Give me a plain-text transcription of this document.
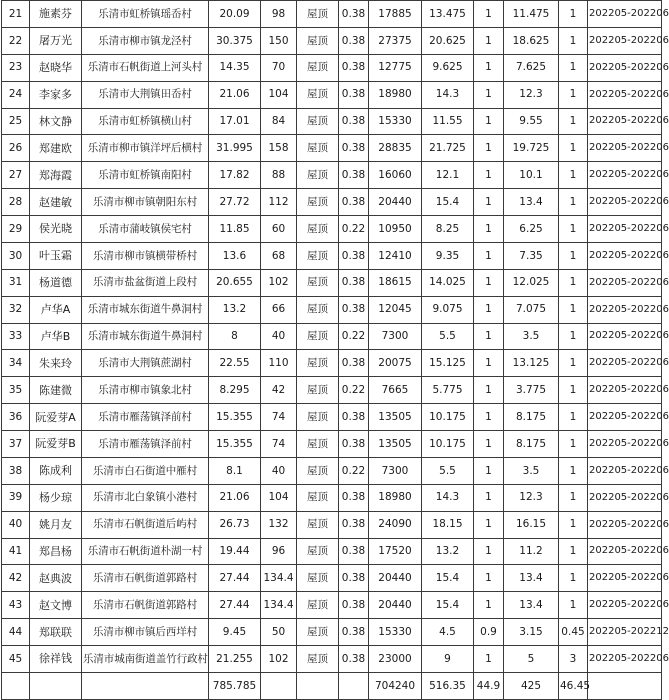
21	施素芬	乐清市虹桥镇瑶岙村	20.09	98	屋顶	0.38	17885	13.475	1	11.475	1	202205-202206
22	屠万光	乐清市柳市镇龙泾村	30.375	150	屋顶	0.38	27375	20.625	1	18.625	1	202205-202206
23	赵晓华	乐清市石帆街道上河头村	14.35	70	屋顶	0.38	12775	9.625	1	7.625	1	202205-202206
24	李家多	乐清市大荆镇田岙村	21.06	104	屋顶	0.38	18980	14.3	1	12.3	1	202205-202206
25	林文静	乐清市虹桥镇横山村	17.01	84	屋顶	0.38	15330	11.55	1	9.55	1	202205-202206
26	郑建欧	乐清市柳市镇洋坪后横村	31.995	158	屋顶	0.38	28835	21.725	1	19.725	1	202205-202206
27	郑海霞	乐清市虹桥镇南阳村	17.82	88	屋顶	0.38	16060	12.1	1	10.1	1	202205-202206
28	赵建敏	乐清市柳市镇朝阳东村	27.72	112	屋顶	0.38	20440	15.4	1	13.4	1	202205-202206
29	侯光晓	乐清市蒲岐镇侯宅村	11.85	60	屋顶	0.22	10950	8.25	1	6.25	1	202205-202206
30	叶玉霜	乐清市柳市镇横带桥村	13.6	68	屋顶	0.38	12410	9.35	1	7.35	1	202205-202206
31	杨道德	乐清市盐盆街道上段村	20.655	102	屋顶	0.38	18615	14.025	1	12.025	1	202205-202206
32	卢华A	乐清市城东街道牛鼻洞村	13.2	66	屋顶	0.38	12045	9.075	1	7.075	1	202205-202206
33	卢华B	乐清市城东街道牛鼻洞村	8	40	屋顶	0.22	7300	5.5	1	3.5	1	202205-202206
34	朱来玲	乐清市大荆镇蔗湖村	22.55	110	屋顶	0.38	20075	15.125	1	13.125	1	202205-202206
35	陈建微	乐清市柳市镇象北村	8.295	42	屋顶	0.22	7665	5.775	1	3.775	1	202205-202206
36	阮爱芽A	乐清市雁荡镇泽前村	15.355	74	屋顶	0.38	13505	10.175	1	8.175	1	202205-202206
37	阮爱芽B	乐清市雁荡镇泽前村	15.355	74	屋顶	0.38	13505	10.175	1	8.175	1	202205-202206
38	陈成利	乐清市白石街道中雁村	8.1	40	屋顶	0.22	7300	5.5	1	3.5	1	202205-202206
39	杨少琼	乐清市北白象镇小港村	21.06	104	屋顶	0.38	18980	14.3	1	12.3	1	202205-202206
40	姚月友	乐清市石帆街道后屿村	26.73	132	屋顶	0.38	24090	18.15	1	16.15	1	202205-202206
41	郑昌杨	乐清市石帆街道朴湖一村	19.44	96	屋顶	0.38	17520	13.2	1	11.2	1	202205-202206
42	赵典波	乐清市石帆街道郭路村	27.44	134.4	屋顶	0.38	20440	15.4	1	13.4	1	202205-202206
43	赵文博	乐清市石帆街道郭路村	27.44	134.4	屋顶	0.38	20440	15.4	1	13.4	1	202205-202206
44	郑联联	乐清市柳市镇后西垟村	9.45	50	屋顶	0.38	15330	4.5	0.9	3.15	0.45	202205-202212
45	徐祥钱	乐清市城南街道盖竹行政村	21.255	102	屋顶	0.38	23000	9	1	5	3	202205-202206
			785.785				704240	516.35	44.9	425	46.45	
